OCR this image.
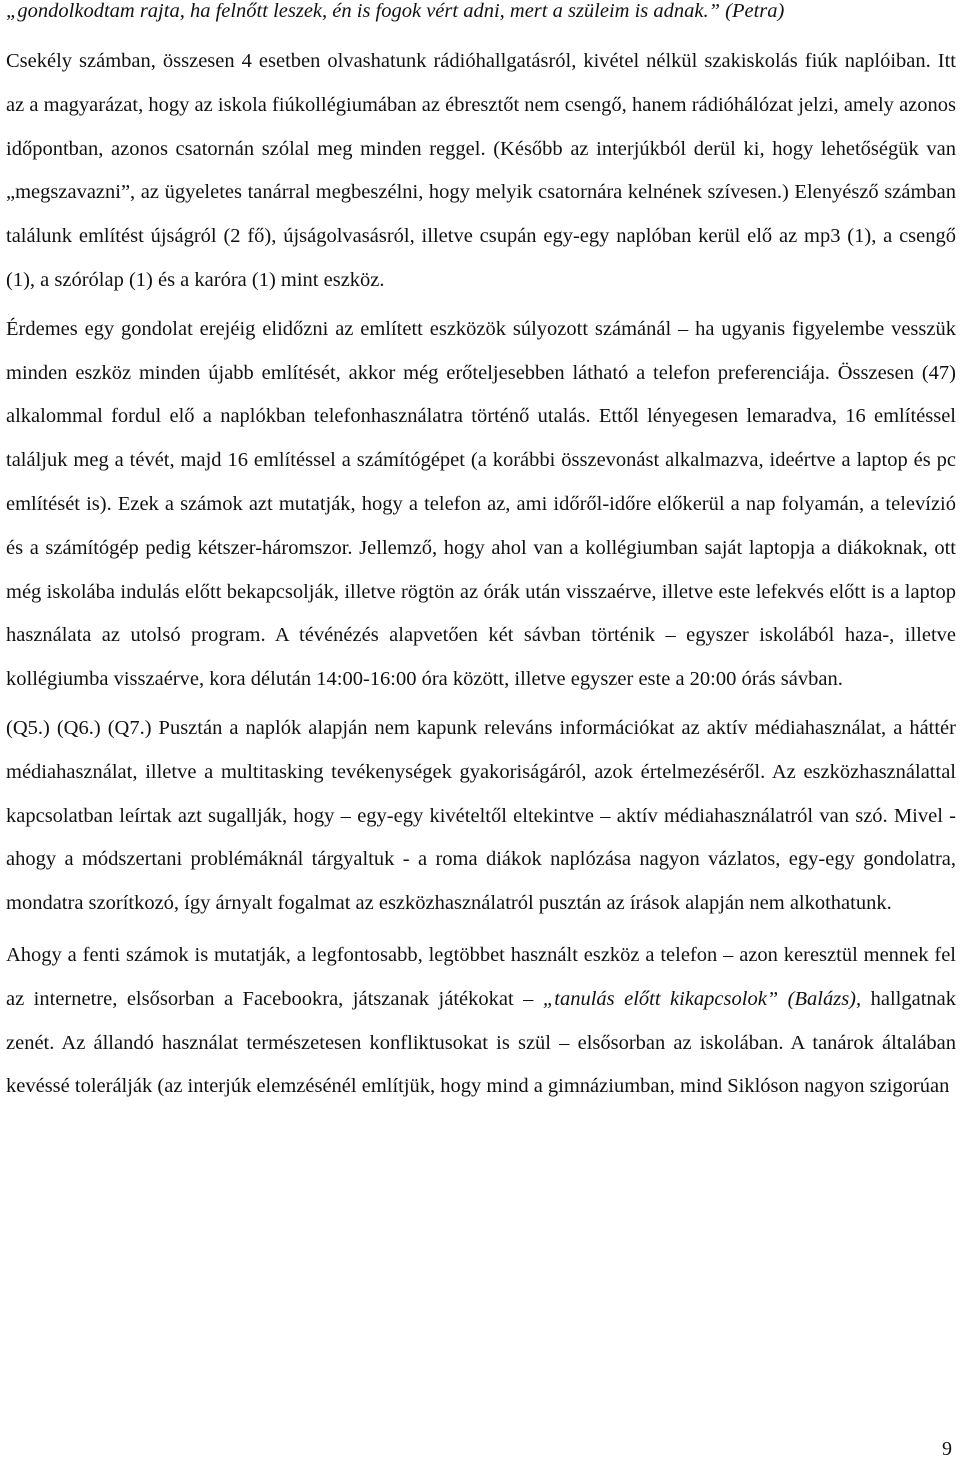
„gondolkodtam rajta, ha felnőtt leszek, én is fogok vért adni, mert a szüleim is adnak.” (Petra)

Csekély számban, összesen 4 esetben olvashatunk rádióhallgatásról, kivétel nélkül szakiskolás fiúk naplóiban. Itt az a magyarázat, hogy az iskola fiúkollégiumában az ébresztőt nem csengő, hanem rádióhálózat jelzi, amely azonos időpontban, azonos csatornán szólal meg minden reggel. (Később az interjúkból derül ki, hogy lehetőségük van „megszavazni”, az ügyeletes tanárral megbeszélni, hogy melyik csatornára kelnének szívesen.) Elenyésző számban találunk említést újságról (2 fő), újságolvasásról, illetve csupán egy-egy naplóban kerül elő az mp3 (1), a csengő (1), a szórólap (1) és a karóra (1) mint eszköz.

Érdemes egy gondolat erejéig elidőzni az említett eszközök súlyozott számánál – ha ugyanis figyelembe vesszük minden eszköz minden újabb említését, akkor még erőteljesebben látható a telefon preferenciája. Összesen (47) alkalommal fordul elő a naplókban telefonhasználatra történő utalás. Ettől lényegesen lemaradva, 16 említéssel találjuk meg a tévét, majd 16 említéssel a számítógépet (a korábbi összevonást alkalmazva, ideértve a laptop és pc említését is). Ezek a számok azt mutatják, hogy a telefon az, ami időről-időre előkerül a nap folyamán, a televízió és a számítógép pedig kétszer-háromszor. Jellemző, hogy ahol van a kollégiumban saját laptopja a diákoknak, ott még iskolába indulás előtt bekapcsolják, illetve rögtön az órák után visszaérve, illetve este lefekvés előtt is a laptop használata az utolsó program. A tévénézés alapvetően két sávban történik – egyszer iskolából haza-, illetve kollégiumba visszaérve, kora délután 14:00-16:00 óra között, illetve egyszer este a 20:00 órás sávban.

(Q5.) (Q6.) (Q7.) Pusztán a naplók alapján nem kapunk releváns információkat az aktív médiahasználat, a háttér médiahasználat, illetve a multitasking tevékenységek gyakoriságáról, azok értelmezéséről. Az eszközhasználattal kapcsolatban leírtak azt sugallják, hogy – egy-egy kivételtől eltekintve – aktív médiahasználatról van szó. Mivel - ahogy a módszertani problémáknál tárgyaltuk - a roma diákok naplózása nagyon vázlatos, egy-egy gondolatra, mondatra szorítkozó, így árnyalt fogalmat az eszközhasználatról pusztán az írások alapján nem alkothatunk.

Ahogy a fenti számok is mutatják, a legfontosabb, legtöbbet használt eszköz a telefon – azon keresztül mennek fel az internetre, elsősorban a Facebookra, játszanak játékokat – „tanulás előtt kikapcsolok” (Balázs), hallgatnak zenét. Az állandó használat természetesen konfliktusokat is szül – elsősorban az iskolában. A tanárok általában kevéssé tolerálják (az interjúk elemzésénél említjük, hogy mind a gimnáziumban, mind Siklóson nagyon szigorúan

9
